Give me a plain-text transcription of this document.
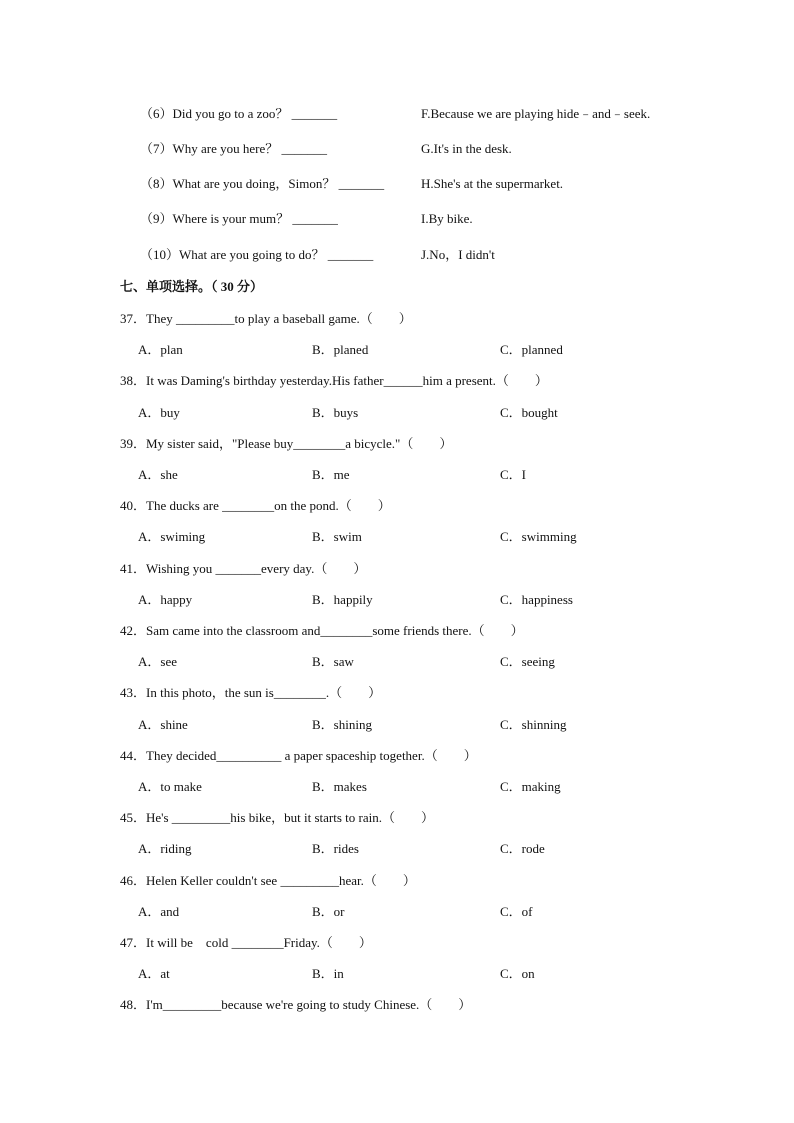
（6）Did you go to a zoo？ _______	F.Because we are playing hide﹣and﹣seek.
（7）Why are you here？ _______	G.It's in the desk.
（8）What are you doing，Simon？ _______	H.She's at the supermarket.
（9）Where is your mum？ _______	I.By bike.
（10）What are you going to do？ _______	J.No，I didn't
七、单项选择。（ 30 分）
37．They _________to play a baseball game.（　　）
A．plan	B．planed	C．planned
38．It was Daming's birthday yesterday.His father______him a present.（　　）
A．buy	B．buys	C．bought
39．My sister said，"Please buy________a bicycle."（　　）
A．she	B．me	C．I
40．The ducks are ________on the pond.（　　）
A．swiming	B．swim	C．swimming
41．Wishing you _______every day.（　　）
A．happy	B．happily	C．happiness
42．Sam came into the classroom and________some friends there.（　　）
A．see	B．saw	C．seeing
43．In this photo，the sun is________.（　　）
A．shine	B．shining	C．shinning
44．They decided__________ a paper spaceship together.（　　）
A．to make	B．makes	C．making
45．He's _________his bike，but it starts to rain.（　　）
A．riding	B．rides	C．rode
46．Helen Keller couldn't see _________hear.（　　）
A．and	B．or	C．of
47．It will be　cold ________Friday.（　　）
A．at	B．in	C．on
48．I'm_________because we're going to study Chinese.（　　）
